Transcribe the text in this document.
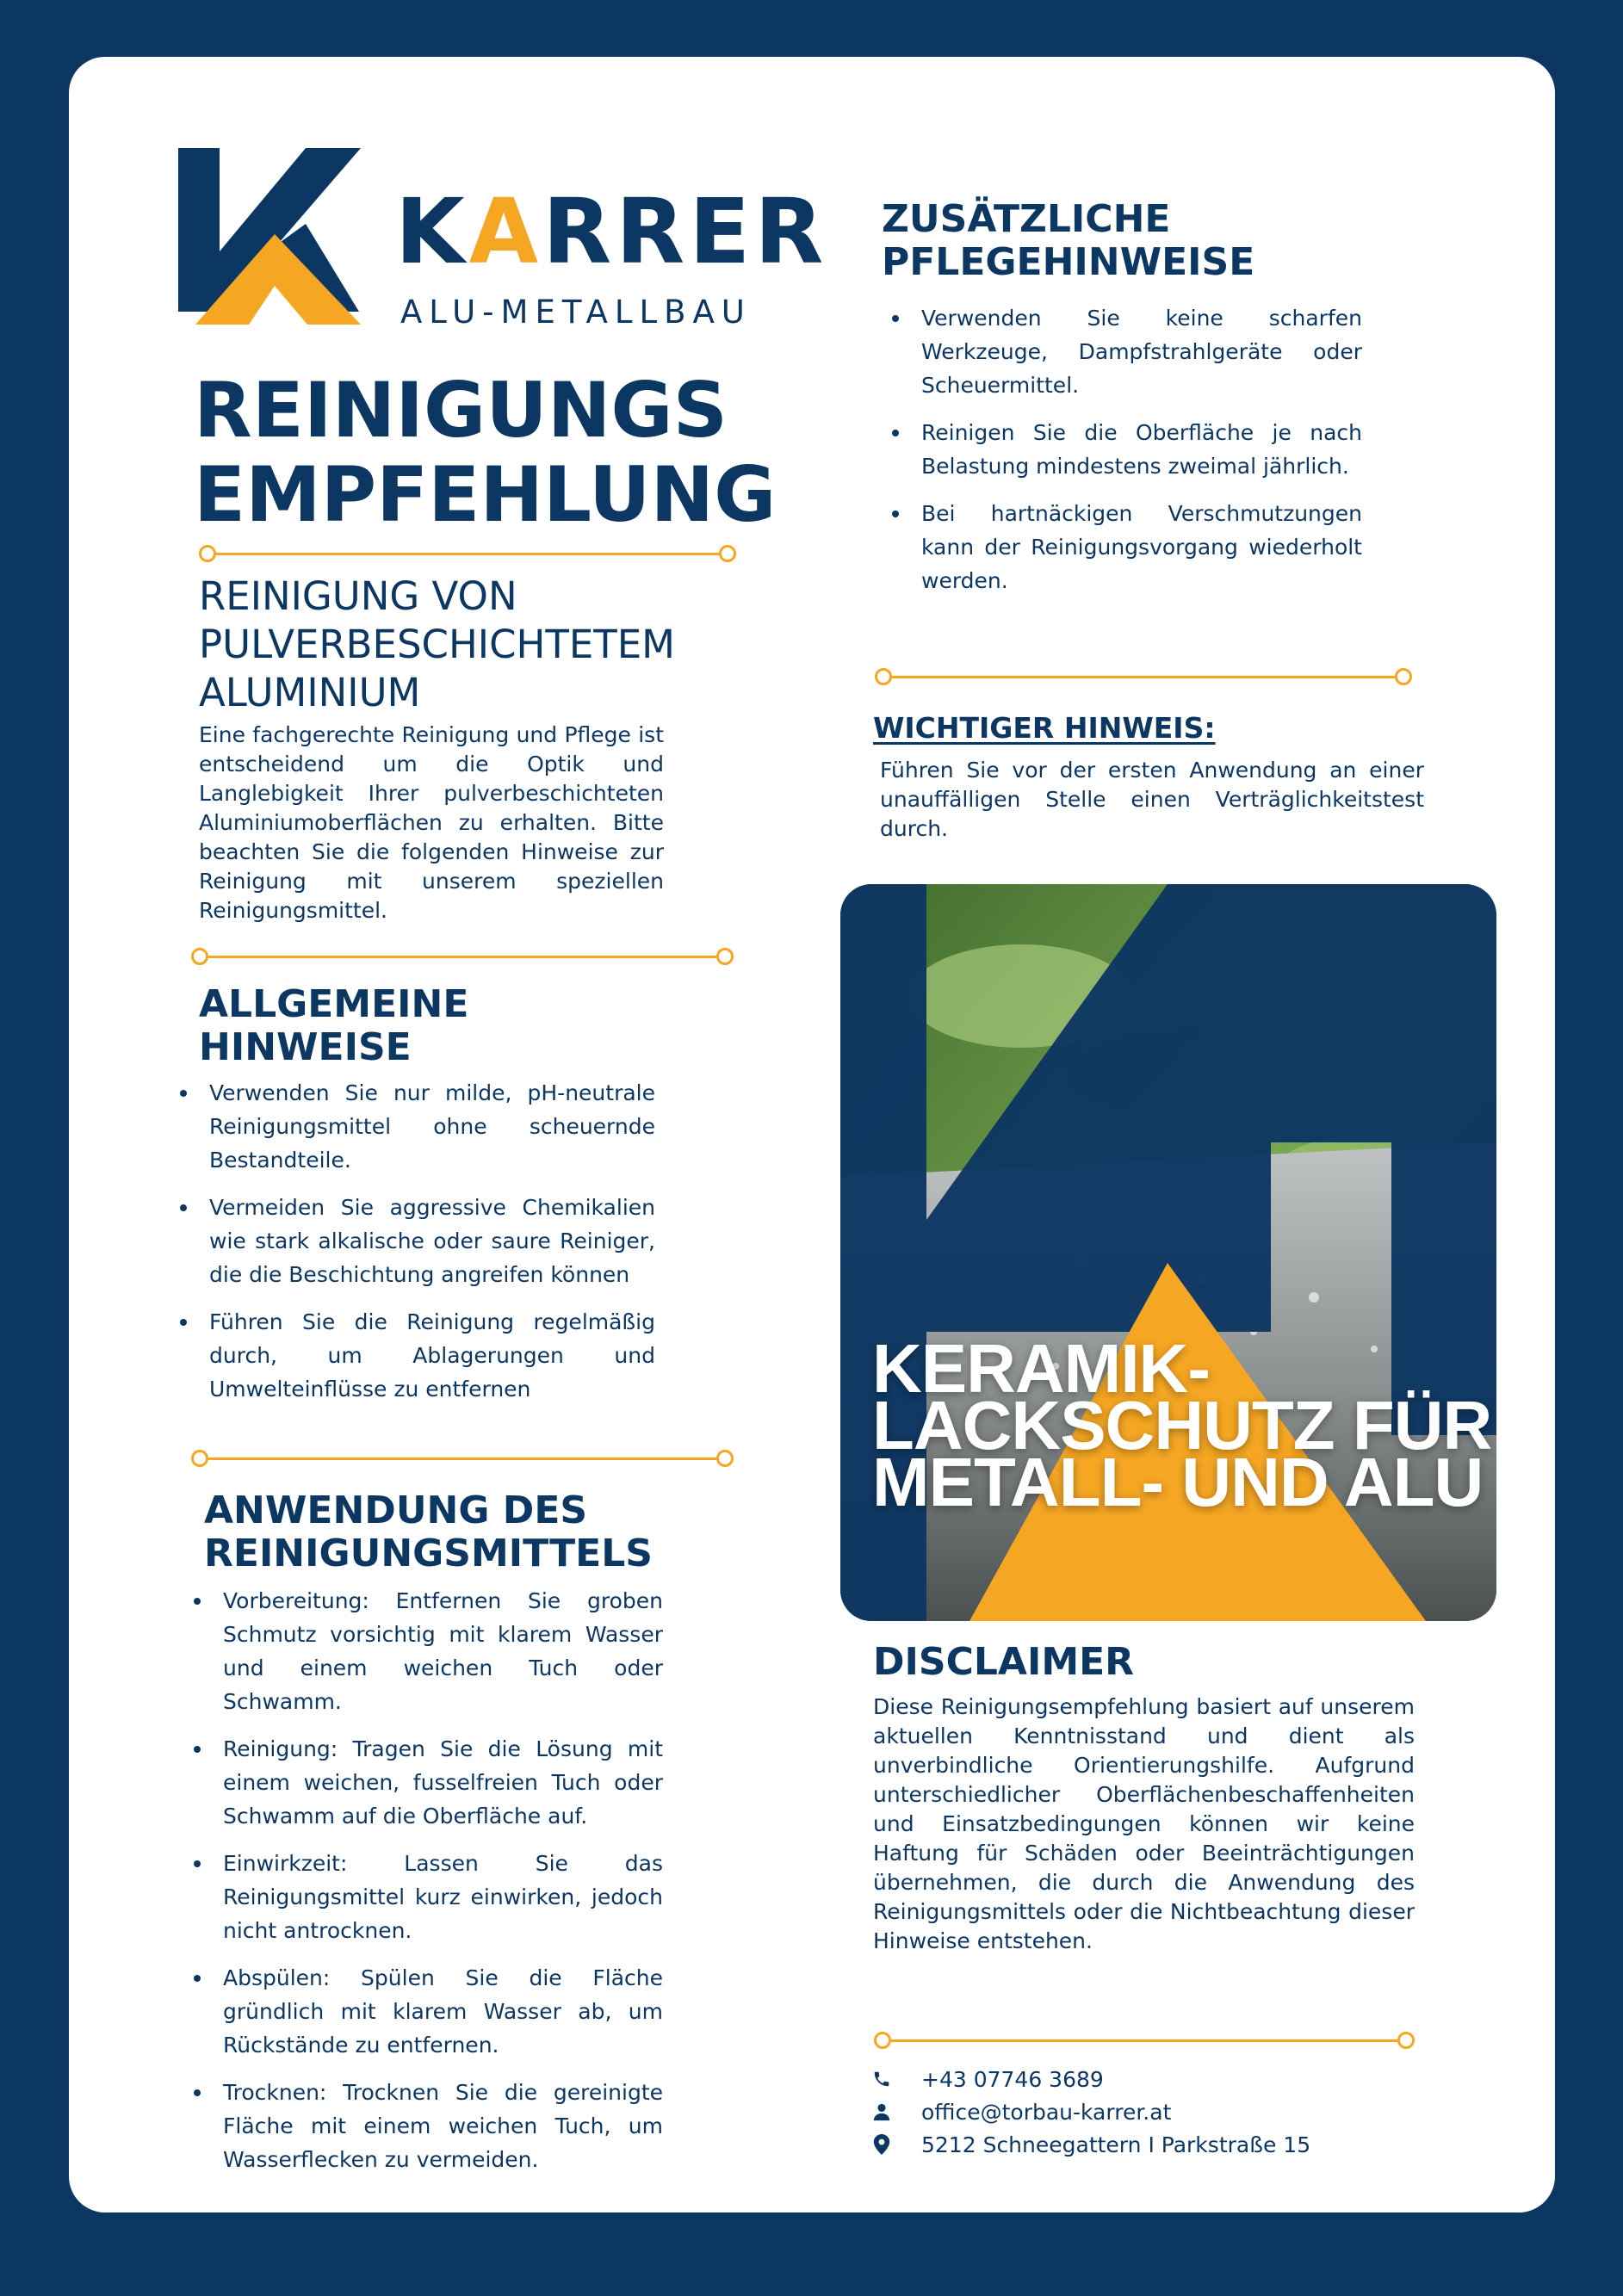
KARRER
ALU-METALLBAU
REINIGUNGS
EMPFEHLUNG
REINIGUNG VON
PULVERBESCHICHTETEM
ALUMINIUM
Eine fachgerechte Reinigung und Pflege ist entscheidend um die Optik und Langlebigkeit Ihrer pulverbeschichteten Aluminiumoberflächen zu erhalten. Bitte beachten Sie die folgenden Hinweise zur Reinigung mit unserem speziellen Reinigungsmittel.
ALLGEMEINE
HINWEISE
Verwenden Sie nur milde, pH-neutrale Reinigungsmittel ohne scheuernde Bestandteile.
Vermeiden Sie aggressive Chemikalien wie stark alkalische oder saure Reiniger, die die Beschichtung angreifen können
Führen Sie die Reinigung regelmäßig durch, um Ablagerungen und Umwelteinflüsse zu entfernen
ANWENDUNG DES
REINIGUNGSMITTELS
Vorbereitung: Entfernen Sie groben Schmutz vorsichtig mit klarem Wasser und einem weichen Tuch oder Schwamm.
Reinigung: Tragen Sie die Lösung mit einem weichen, fusselfreien Tuch oder Schwamm auf die Oberfläche auf.
Einwirkzeit: Lassen Sie das Reinigungsmittel kurz einwirken, jedoch nicht antrocknen.
Abspülen: Spülen Sie die Fläche gründlich mit klarem Wasser ab, um Rückstände zu entfernen.
Trocknen: Trocknen Sie die gereinigte Fläche mit einem weichen Tuch, um Wasserflecken zu vermeiden.
ZUSÄTZLICHE
PFLEGEHINWEISE
Verwenden Sie keine scharfen Werkzeuge, Dampfstrahlgeräte oder Scheuermittel.
Reinigen Sie die Oberfläche je nach Belastung mindestens zweimal jährlich.
Bei hartnäckigen Verschmutzungen kann der Reinigungsvorgang wiederholt werden.
WICHTIGER HINWEIS:
Führen Sie vor der ersten Anwendung an einer unauffälligen Stelle einen Verträglichkeitstest durch.
KERAMIK-
LACKSCHUTZ FÜR
METALL- UND ALU
DISCLAIMER
Diese Reinigungsempfehlung basiert auf unserem aktuellen Kenntnisstand und dient als unverbindliche Orientierungshilfe. Aufgrund unterschiedlicher Oberflächenbeschaffenheiten und Einsatzbedingungen können wir keine Haftung für Schäden oder Beeinträchtigungen übernehmen, die durch die Anwendung des Reinigungsmittels oder die Nichtbeachtung dieser Hinweise entstehen.
+43 07746 3689
office@torbau-karrer.at
5212 Schneegattern I Parkstraße 15
